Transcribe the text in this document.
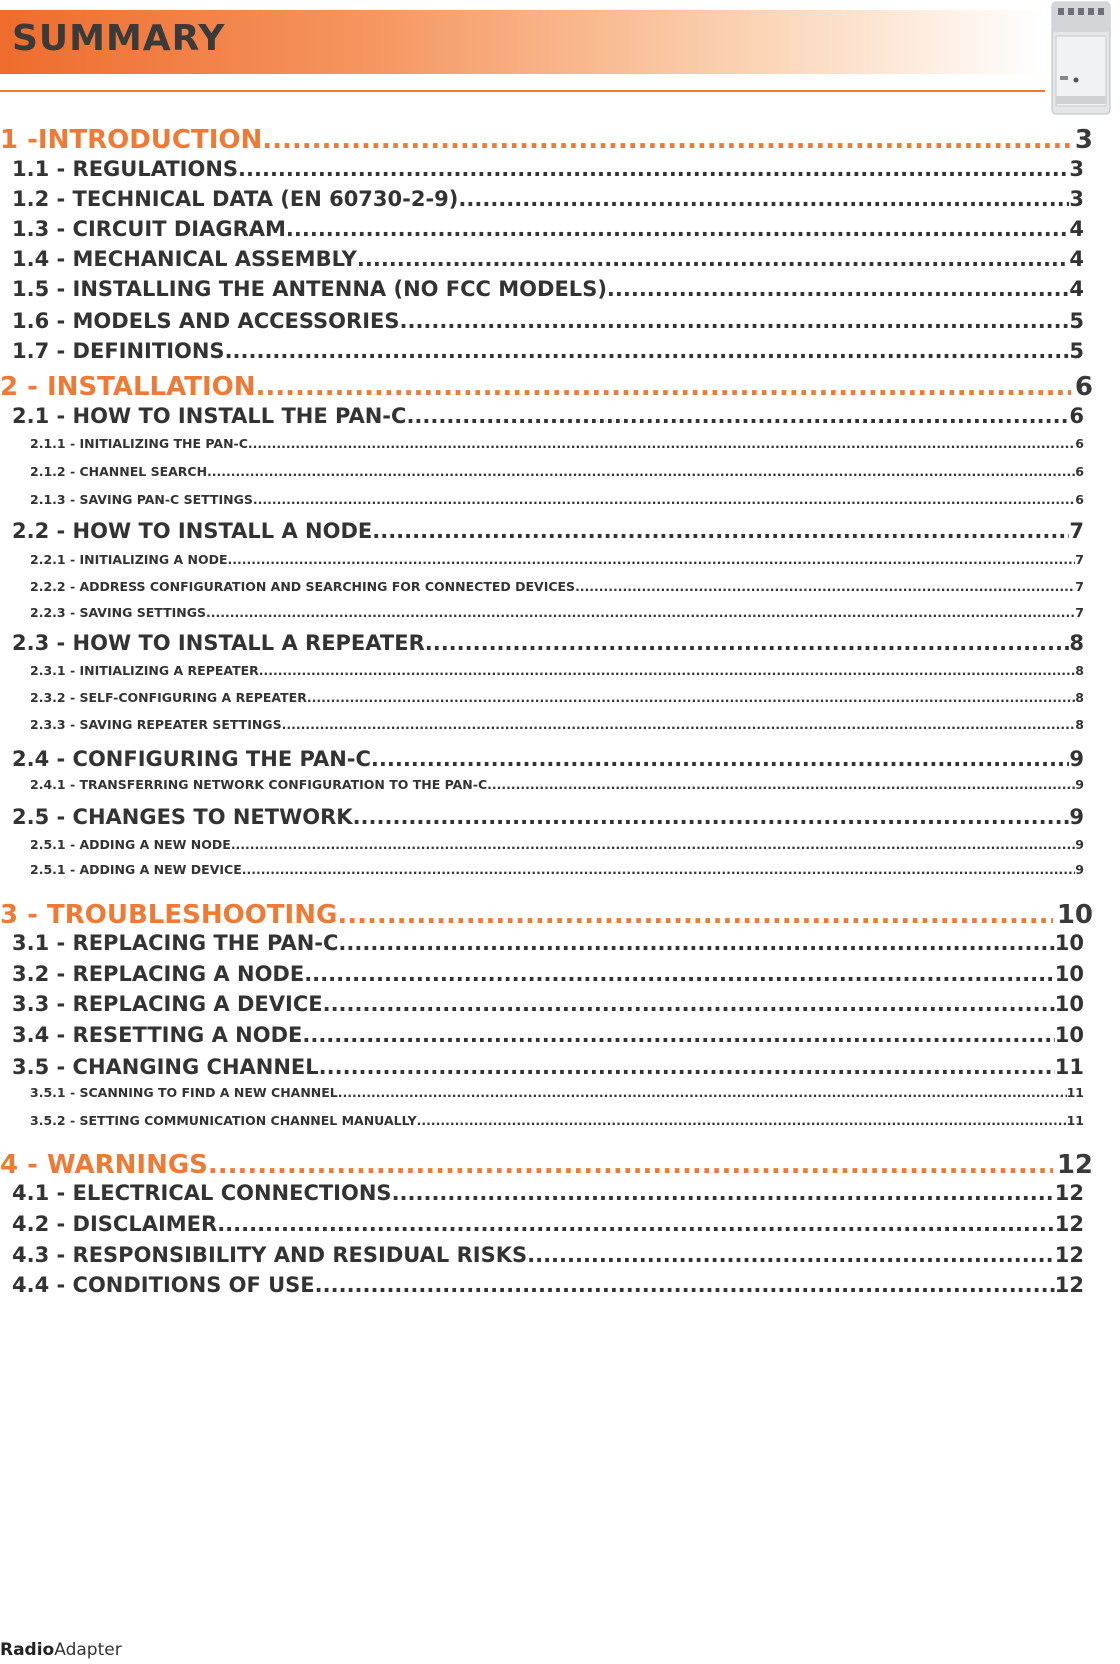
SUMMARY
1 -INTRODUCTION .....	3
1.1 - REGULATIONS .....	3
1.2 - TECHNICAL DATA (EN 60730-2-9) .....	3
1.3 - CIRCUIT DIAGRAM .....	4
1.4 - MECHANICAL ASSEMBLY .....	4
1.5 - INSTALLING THE ANTENNA (NO FCC MODELS) .....	4
1.6 - MODELS AND ACCESSORIES .....	5
1.7 - DEFINITIONS .....	5
2 - INSTALLATION .....	6
2.1 - HOW TO INSTALL THE PAN-C .....	6
2.1.1 - INITIALIZING THE PAN-C .....	6
2.1.2 - CHANNEL SEARCH .....	6
2.1.3 - SAVING PAN-C SETTINGS .....	6
2.2 - HOW TO INSTALL A NODE .....	7
2.2.1 - INITIALIZING A NODE .....	7
2.2.2 - ADDRESS CONFIGURATION AND SEARCHING FOR CONNECTED DEVICES .....	7
2.2.3 - SAVING SETTINGS .....	7
2.3 - HOW TO INSTALL A REPEATER .....	8
2.3.1 - INITIALIZING A REPEATER .....	8
2.3.2 - SELF-CONFIGURING A REPEATER .....	8
2.3.3 - SAVING REPEATER SETTINGS .....	8
2.4 - CONFIGURING THE PAN-C .....	9
2.4.1 - TRANSFERRING NETWORK CONFIGURATION TO THE PAN-C .....	9
2.5 - CHANGES TO NETWORK .....	9
2.5.1 - ADDING A NEW NODE .....	9
2.5.1 - ADDING A NEW DEVICE .....	9
3 - TROUBLESHOOTING .....	10
3.1 - REPLACING THE PAN-C .....	10
3.2 - REPLACING A NODE .....	10
3.3 - REPLACING A DEVICE .....	10
3.4 - RESETTING A NODE .....	10
3.5 - CHANGING CHANNEL .....	11
3.5.1 - SCANNING TO FIND A NEW CHANNEL .....	11
3.5.2 - SETTING COMMUNICATION CHANNEL MANUALLY .....	11
4 - WARNINGS .....	12
4.1 - ELECTRICAL CONNECTIONS .....	12
4.2 - DISCLAIMER .....	12
4.3 - RESPONSIBILITY AND RESIDUAL RISKS .....	12
4.4 - CONDITIONS OF USE .....	12
RadioAdapter
